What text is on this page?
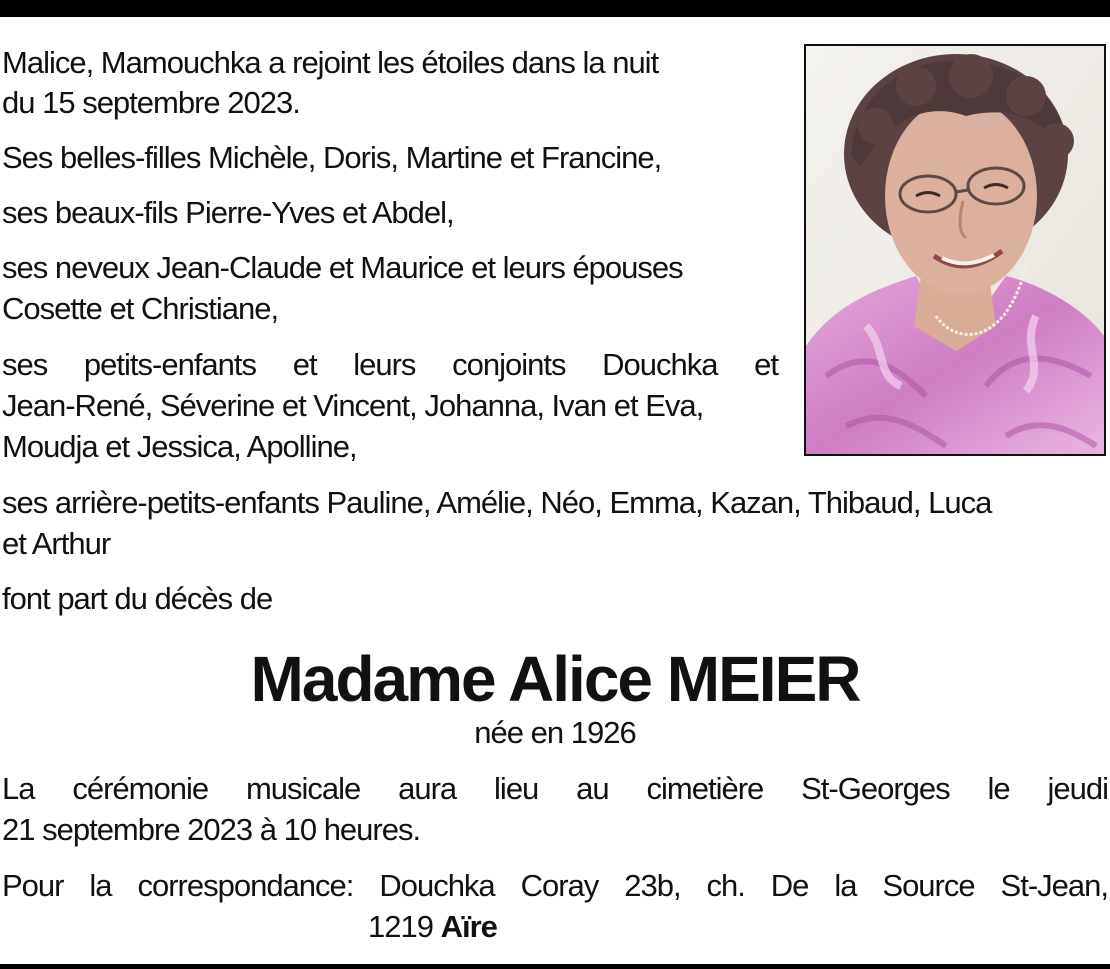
Malice, Mamouchka a rejoint les étoiles dans la nuit

du 15 septembre 2023.

Ses belles-filles Michèle, Doris, Martine et Francine,

ses beaux-fils Pierre-Yves et Abdel,

ses neveux Jean-Claude et Maurice et leurs épouses

Cosette et Christiane,

ses petits-enfants et leurs conjoints Douchka et

Jean-René, Séverine et Vincent, Johanna, Ivan et Eva,

Moudja et Jessica, Apolline,

ses arrière-petits-enfants Pauline, Amélie, Néo, Emma, Kazan, Thibaud, Luca

et Arthur

font part du décès de

Madame Alice MEIER
née en 1926

La cérémonie musicale aura lieu au cimetière St-Georges le jeudi

21 septembre 2023 à 10 heures.

Pour la correspondance: Douchka Coray 23b, ch. De la Source St-Jean,

1219 Aïre
